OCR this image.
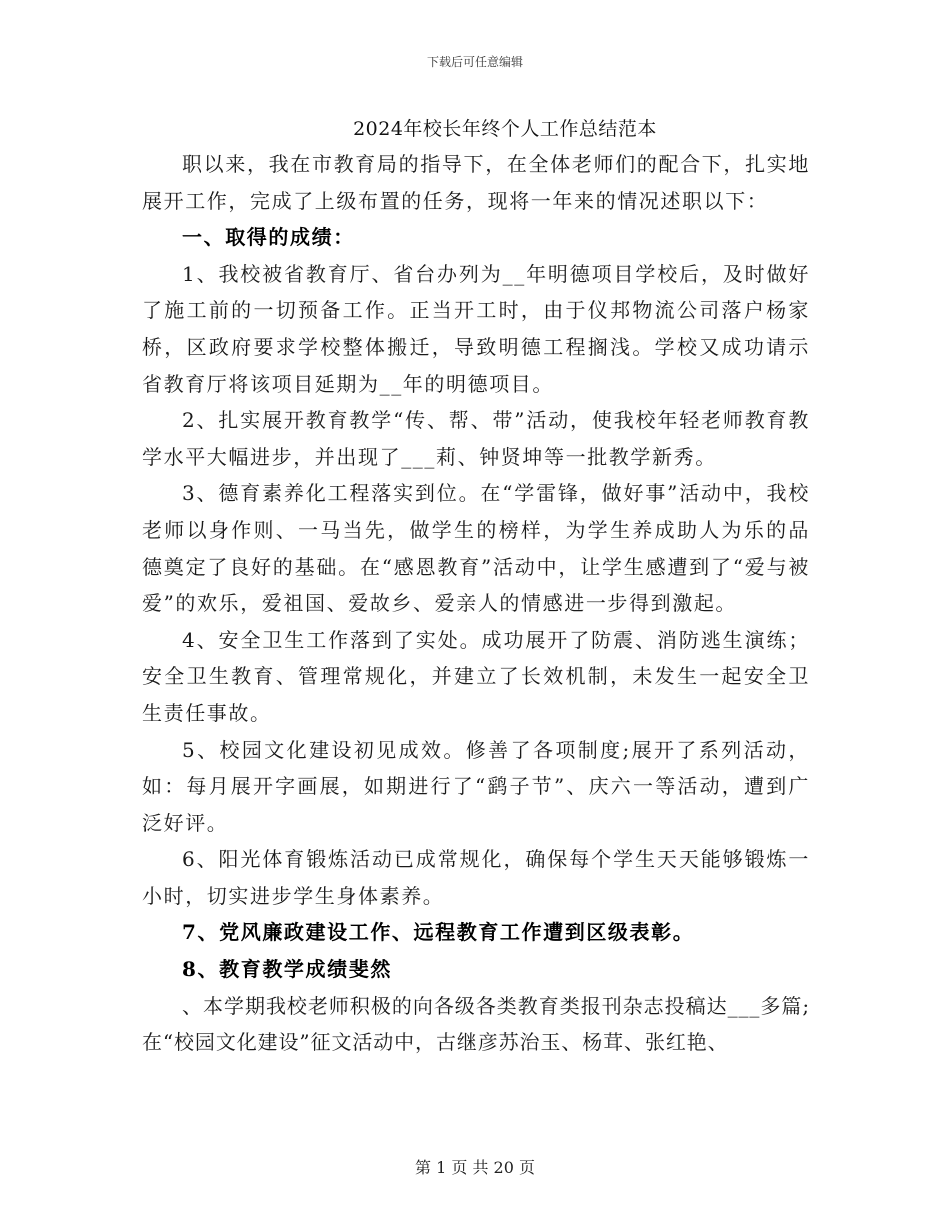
下载后可任意编辑
2024年校长年终个人工作总结范本

职以来，我在市教育局的指导下，在全体老师们的配合下，扎实地展开工作，完成了上级布置的任务，现将一年来的情况述职以下：

一、取得的成绩：

1、我校被省教育厅、省台办列为__年明德项目学校后，及时做好了施工前的一切预备工作。正当开工时，由于仪邦物流公司落户杨家桥，区政府要求学校整体搬迁，导致明德工程搁浅。学校又成功请示省教育厅将该项目延期为__年的明德项目。

2、扎实展开教育教学“传、帮、带”活动，使我校年轻老师教育教学水平大幅进步，并出现了___莉、钟贤坤等一批教学新秀。

3、德育素养化工程落实到位。在“学雷锋，做好事”活动中，我校老师以身作则、一马当先，做学生的榜样，为学生养成助人为乐的品德奠定了良好的基础。在“感恩教育”活动中，让学生感遭到了“爱与被爱”的欢乐，爱祖国、爱故乡、爱亲人的情感进一步得到激起。

4、安全卫生工作落到了实处。成功展开了防震、消防逃生演练；安全卫生教育、管理常规化，并建立了长效机制，未发生一起安全卫生责任事故。

5、校园文化建设初见成效。修善了各项制度;展开了系列活动，如：每月展开字画展，如期进行了“鹞子节”、庆六一等活动，遭到广泛好评。

6、阳光体育锻炼活动已成常规化，确保每个学生天天能够锻炼一小时，切实进步学生身体素养。

7、党风廉政建设工作、远程教育工作遭到区级表彰。

8、教育教学成绩斐然

、本学期我校老师积极的向各级各类教育类报刊杂志投稿达___多篇;在“校园文化建设”征文活动中，古继彦苏治玉、杨茸、张红艳、

第 1 页 共 20 页
